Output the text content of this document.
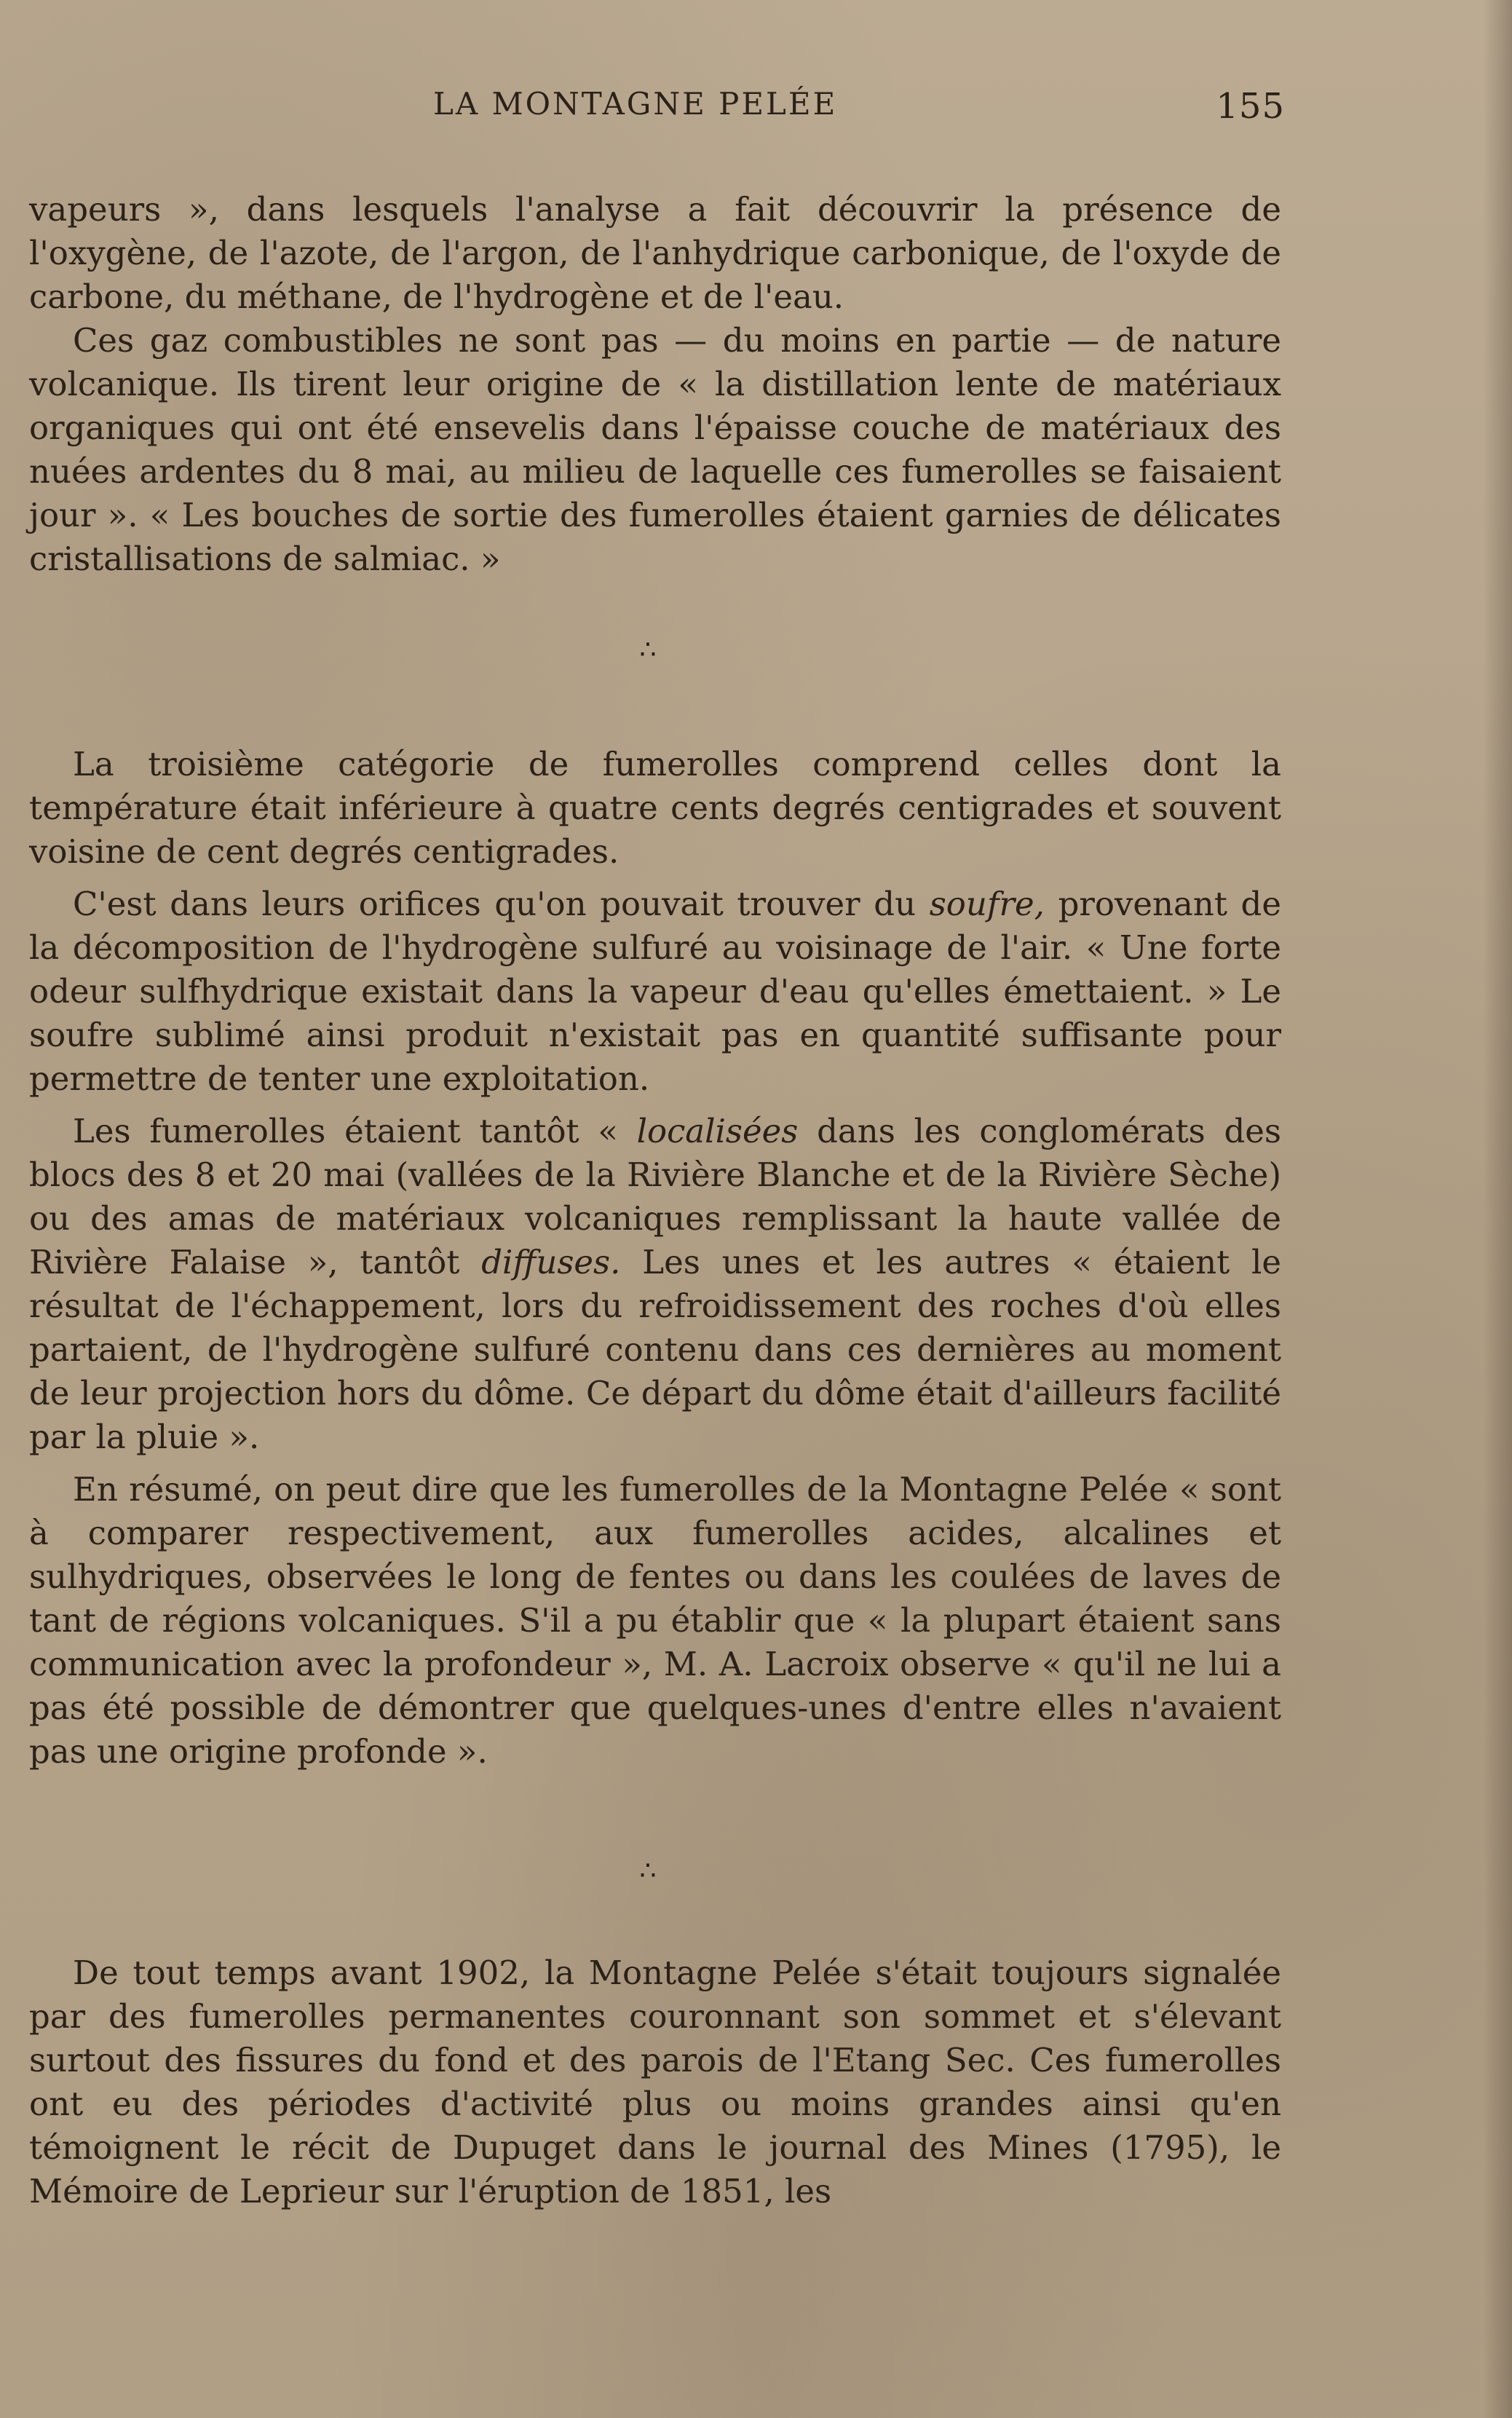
LA MONTAGNE PELÉE	155

vapeurs », dans lesquels l'analyse a fait découvrir la présence de l'oxygène, de l'azote, de l'argon, de l'anhydrique carbonique, de l'oxyde de carbone, du méthane, de l'hydrogène et de l'eau.

Ces gaz combustibles ne sont pas — du moins en partie — de nature volcanique. Ils tirent leur origine de « la distillation lente de matériaux organiques qui ont été ensevelis dans l'épaisse couche de matériaux des nuées ardentes du 8 mai, au milieu de laquelle ces fumerolles se faisaient jour ». « Les bouches de sortie des fumerolles étaient garnies de délicates cristallisations de salmiac. »

∴

La troisième catégorie de fumerolles comprend celles dont la température était inférieure à quatre cents degrés centigrades et souvent voisine de cent degrés centigrades.

C'est dans leurs orifices qu'on pouvait trouver du soufre, provenant de la décomposition de l'hydrogène sulfuré au voisinage de l'air. « Une forte odeur sulfhydrique existait dans la vapeur d'eau qu'elles émettaient. » Le soufre sublimé ainsi produit n'existait pas en quantité suffisante pour permettre de tenter une exploitation.

Les fumerolles étaient tantôt « localisées dans les conglomérats des blocs des 8 et 20 mai (vallées de la Rivière Blanche et de la Rivière Sèche) ou des amas de matériaux volcaniques remplissant la haute vallée de Rivière Falaise », tantôt diffuses. Les unes et les autres « étaient le résultat de l'échappement, lors du refroidissement des roches d'où elles partaient, de l'hydrogène sulfuré contenu dans ces dernières au moment de leur projection hors du dôme. Ce départ du dôme était d'ailleurs facilité par la pluie ».

En résumé, on peut dire que les fumerolles de la Montagne Pelée « sont à comparer respectivement, aux fumerolles acides, alcalines et sulhydriques, observées le long de fentes ou dans les coulées de laves de tant de régions volcaniques. S'il a pu établir que « la plupart étaient sans communication avec la profondeur », M. A. Lacroix observe « qu'il ne lui a pas été possible de démontrer que quelques-unes d'entre elles n'avaient pas une origine profonde ».

∴

De tout temps avant 1902, la Montagne Pelée s'était toujours signalée par des fumerolles permanentes couronnant son sommet et s'élevant surtout des fissures du fond et des parois de l'Etang Sec. Ces fumerolles ont eu des périodes d'activité plus ou moins grandes ainsi qu'en témoignent le récit de Dupuget dans le journal des Mines (1795), le Mémoire de Leprieur sur l'éruption de 1851, les
